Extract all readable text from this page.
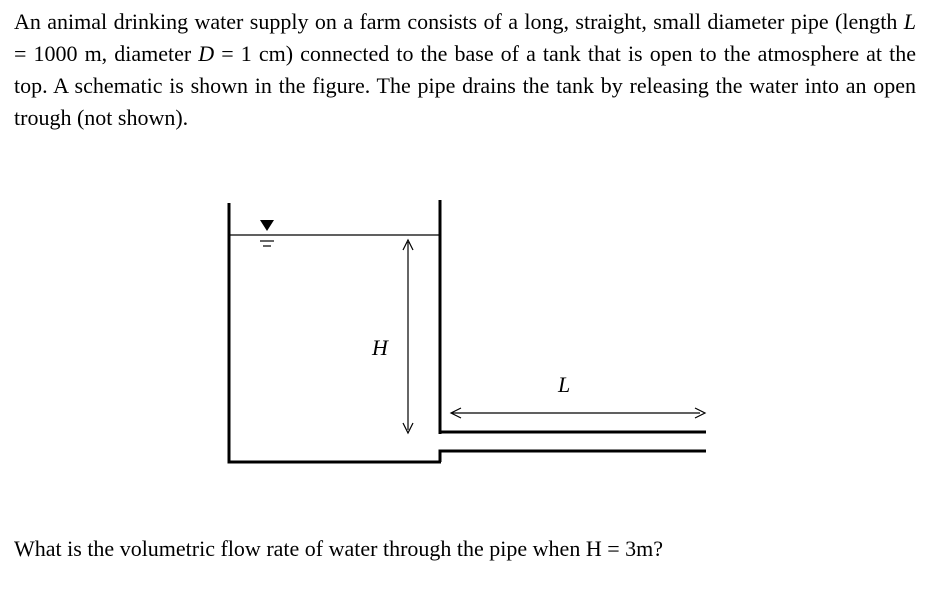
An animal drinking water supply on a farm consists of a long, straight, small diameter pipe (length L = 1000 m, diameter D = 1 cm) connected to the base of a tank that is open to the atmosphere at the top. A schematic is shown in the figure. The pipe drains the tank by releasing the water into an open trough (not shown).

H
L

What is the volumetric flow rate of water through the pipe when H = 3m?
